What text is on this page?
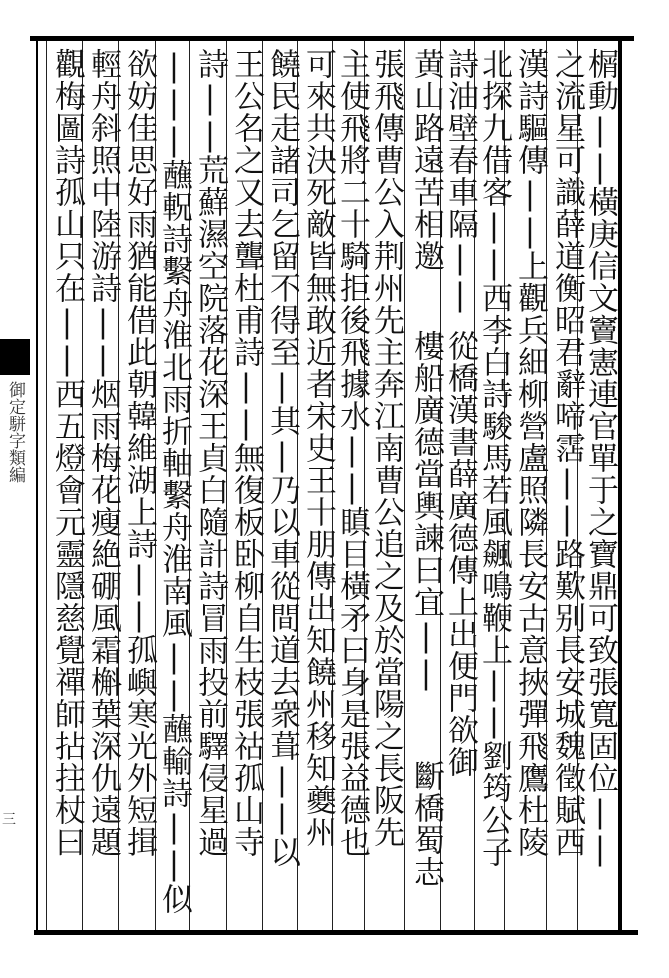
御定駢字類編
三	榍動||橫庚信文竇憲連官單于之寶鼎可致張寬固位||
之流星可識薛道衡昭君辭啼霑||路歎别長安城魏徵賦西
漢詩驅傳||上觀兵細柳營盧照隣長安古意挾彈飛鷹杜陵
北探九借客||西李白詩駿馬若風飆鳴鞭上||劉筠公子
詩油壁春車隔||
黄山路遠苦相邀
從橋漢書薛廣德傳上出便門欲御
樓船廣德當輿諫曰宜||
斷橋蜀志
張飛傳曹公入荆州先主奔江南曹公追之及於當陽之長阪先
主使飛將二十騎拒後飛據水||瞋目橫矛曰身是張益德也
可來共決死敵皆無敢近者宋史王十朋傳出知饒州移知夔州
饒民走諸司乞留不得至|其|乃以車從間道去衆葺||以
王公名之又去聾杜甫詩||無復板卧柳自生枝張祜孤山寺
詩||荒蘚濕空院落花深王貞白隨計詩冒雨投前驛侵星過
|||蘸軦詩繫舟淮北雨折軸繫舟淮南風||蘸輸詩||似
欲妨佳思好雨猶能借此朝韓維湖上詩||孤嶼寒光外短揖
輕舟斜照中陸游詩||烟雨梅花瘦絶硼風霜槲葉深仇遠題
觀梅圖詩孤山只在||西五燈會元靈隱慈覺禪師拈拄杖曰
